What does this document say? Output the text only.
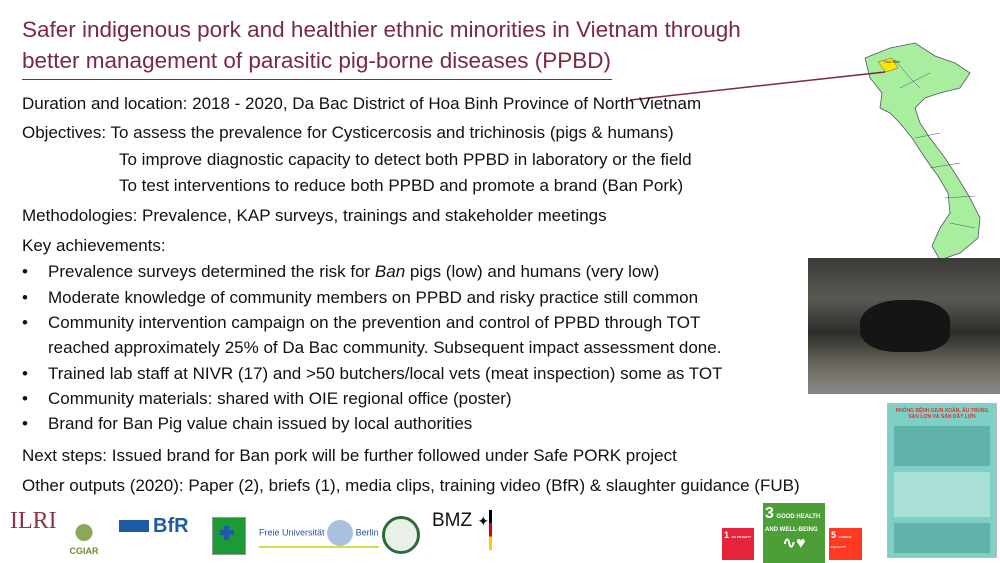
Safer indigenous pork and healthier ethnic minorities in Vietnam through
better management of parasitic pig-borne diseases (PPBD)	Hoa Binh
Duration and location: 2018 - 2020, Da Bac District of Hoa Binh Province of North Vietnam
Objectives: To assess the prevalence for Cysticercosis and trichinosis (pigs & humans)
To improve diagnostic capacity to detect both PPBD in laboratory or the field
To test interventions to reduce both PPBD and promote a brand (Ban Pork)
Methodologies: Prevalence, KAP surveys, trainings and stakeholder meetings
Key achievements:
• Prevalence surveys determined the risk for Ban pigs (low) and humans (very low)
• Moderate knowledge of community members on PPBD and risky practice still common
• Community intervention campaign on the prevention and control of PPBD through TOT
reached approximately 25% of Da Bac community. Subsequent impact assessment done.
• Trained lab staff at NIVR (17) and >50 butchers/local vets (meat inspection) some as TOT
• Community materials: shared with OIE regional office (poster)
• Brand for Ban Pig value chain issued by local authorities
Next steps: Issued brand for Ban pork will be further followed under Safe PORK project
Other outputs (2020): Paper (2), briefs (1), media clips, training video (BfR) & slaughter guidance (FUB)
PHÒNG BỆNH GIUN XOẮN, ẤU TRÙNG SÁN LỢN VÀ SÁN DÂY LỢN
1 NO POVERTY
3 GOOD HEALTH AND WELL-BEING
∿♥	5 GENDER EQUALITY
ILRI
CGIAR
BfR	Freie Universität	Berlin
BMZ ✦
